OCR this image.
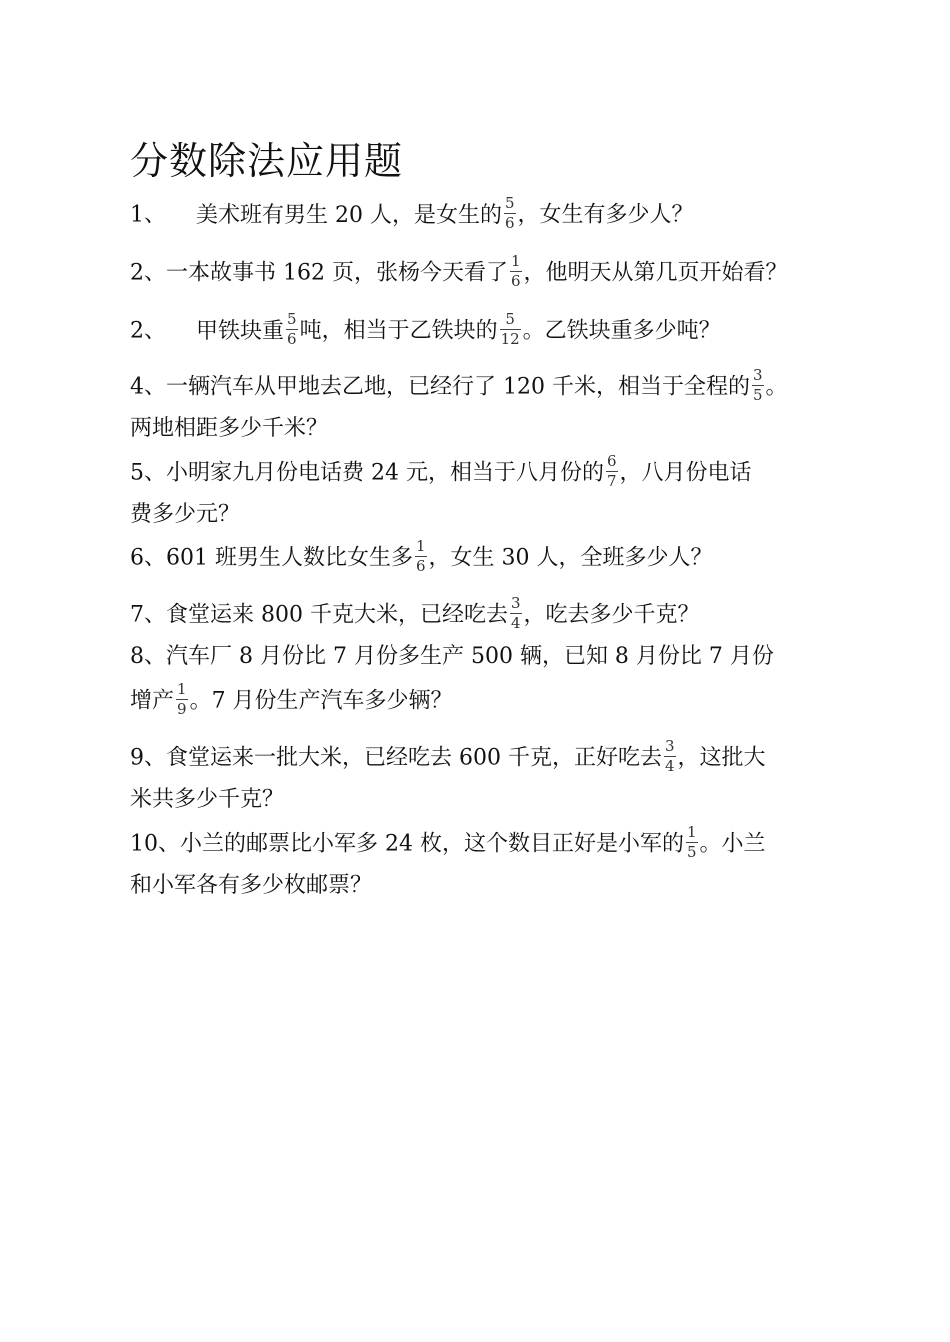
分数除法应用题
1、 美术班有男生 20 人，是女生的 $\frac{5}{6}$ ，女生有多少人？
2、一本故事书 162 页，张杨今天看了 $\frac{1}{6}$ ，他明天从第几页开始看？
2、 甲铁块重 $\frac{5}{6}$ 吨，相当于乙铁块的 $\frac{5}{12}$ 。乙铁块重多少吨？
4、一辆汽车从甲地去乙地，已经行了 120 千米，相当于全程的 $\frac{3}{5}$ 。
两地相距多少千米？
5、小明家九月份电话费 24 元，相当于八月份的 $\frac{6}{7}$ ，八月份电话
费多少元？
6、601 班男生人数比女生多 $\frac{1}{6}$ ，女生 30 人，全班多少人？
7、食堂运来 800 千克大米，已经吃去 $\frac{3}{4}$ ，吃去多少千克？
8、汽车厂 8 月份比 7 月份多生产 500 辆，已知 8 月份比 7 月份
增产 $\frac{1}{9}$ 。7 月份生产汽车多少辆？
9、食堂运来一批大米，已经吃去 600 千克，正好吃去 $\frac{3}{4}$ ，这批大
米共多少千克？
10、小兰的邮票比小军多 24 枚，这个数目正好是小军的 $\frac{1}{5}$ 。小兰
和小军各有多少枚邮票？
